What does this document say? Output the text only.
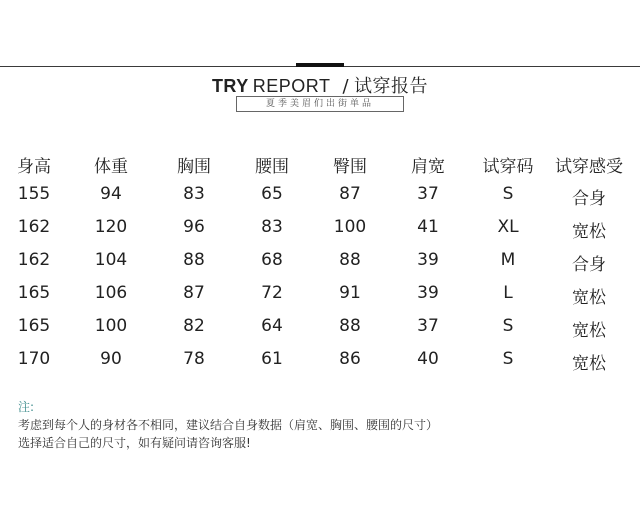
TRY REPORT / 试穿报告
夏季美眉们出街单品
身高	体重	胸围	腰围	臀围	肩宽	试穿码	试穿感受
155	94	83	65	87	37	S	合身
162	120	96	83	100	41	XL	宽松
162	104	88	68	88	39	M	合身
165	106	87	72	91	39	L	宽松
165	100	82	64	88	37	S	宽松
170	90	78	61	86	40	S	宽松
注:
考虑到每个人的身材各不相同，建议结合自身数据（肩宽、胸围、腰围的尺寸）
选择适合自己的尺寸，如有疑问请咨询客服!
